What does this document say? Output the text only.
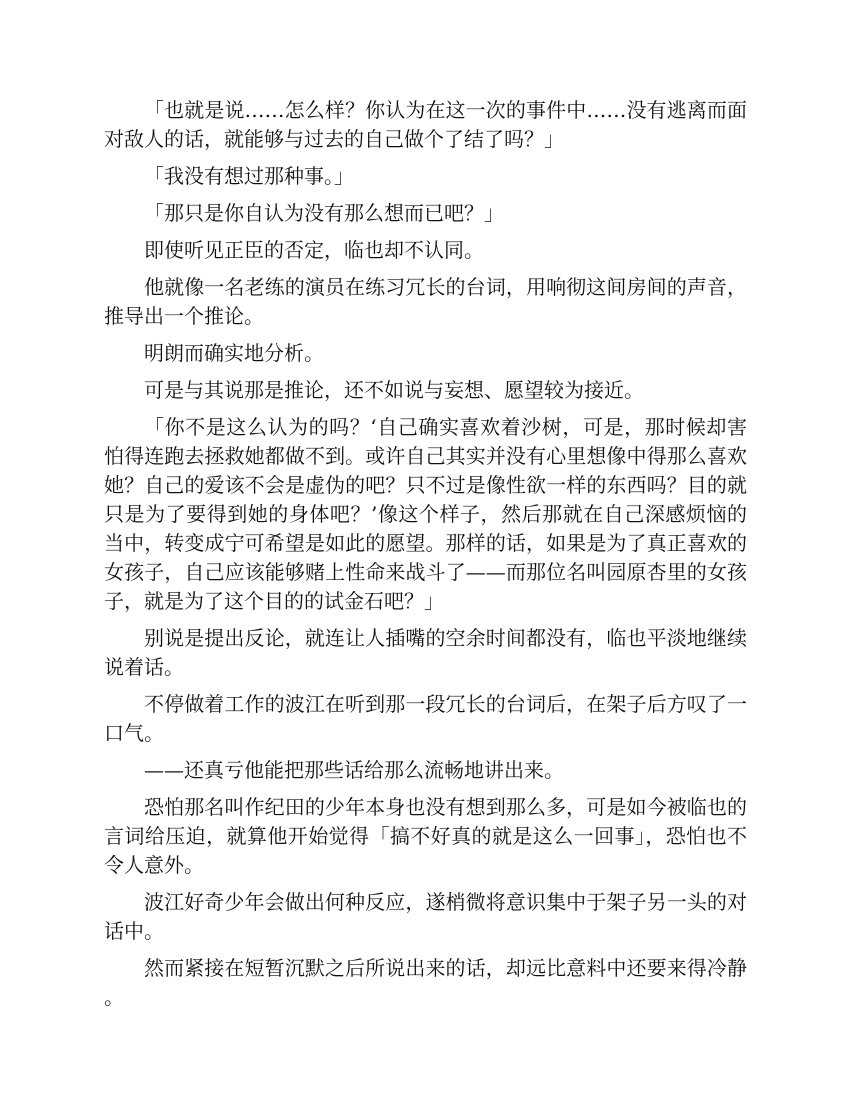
「也就是说……怎么样？你认为在这一次的事件中……没有逃离而面对敌人的话，就能够与过去的自己做个了结了吗？」

「我没有想过那种事。」

「那只是你自认为没有那么想而已吧？」

即使听见正臣的否定，临也却不认同。

他就像一名老练的演员在练习冗长的台词，用响彻这间房间的声音，推导出一个推论。

明朗而确实地分析。

可是与其说那是推论，还不如说与妄想、愿望较为接近。

「你不是这么认为的吗？‘自己确实喜欢着沙树，可是，那时候却害怕得连跑去拯救她都做不到。或许自己其实并没有心里想像中得那么喜欢她？自己的爱该不会是虚伪的吧？只不过是像性欲一样的东西吗？目的就只是为了要得到她的身体吧？’像这个样子，然后那就在自己深感烦恼的当中，转变成宁可希望是如此的愿望。那样的话，如果是为了真正喜欢的女孩子，自己应该能够赌上性命来战斗了——而那位名叫园原杏里的女孩子，就是为了这个目的的试金石吧？」

别说是提出反论，就连让人插嘴的空余时间都没有，临也平淡地继续说着话。

不停做着工作的波江在听到那一段冗长的台词后，在架子后方叹了一口气。

——还真亏他能把那些话给那么流畅地讲出来。

恐怕那名叫作纪田的少年本身也没有想到那么多，可是如今被临也的言词给压迫，就算他开始觉得「搞不好真的就是这么一回事」，恐怕也不令人意外。

波江好奇少年会做出何种反应，遂梢微将意识集中于架子另一头的对话中。

然而紧接在短暂沉默之后所说出来的话，却远比意料中还要来得冷静。
